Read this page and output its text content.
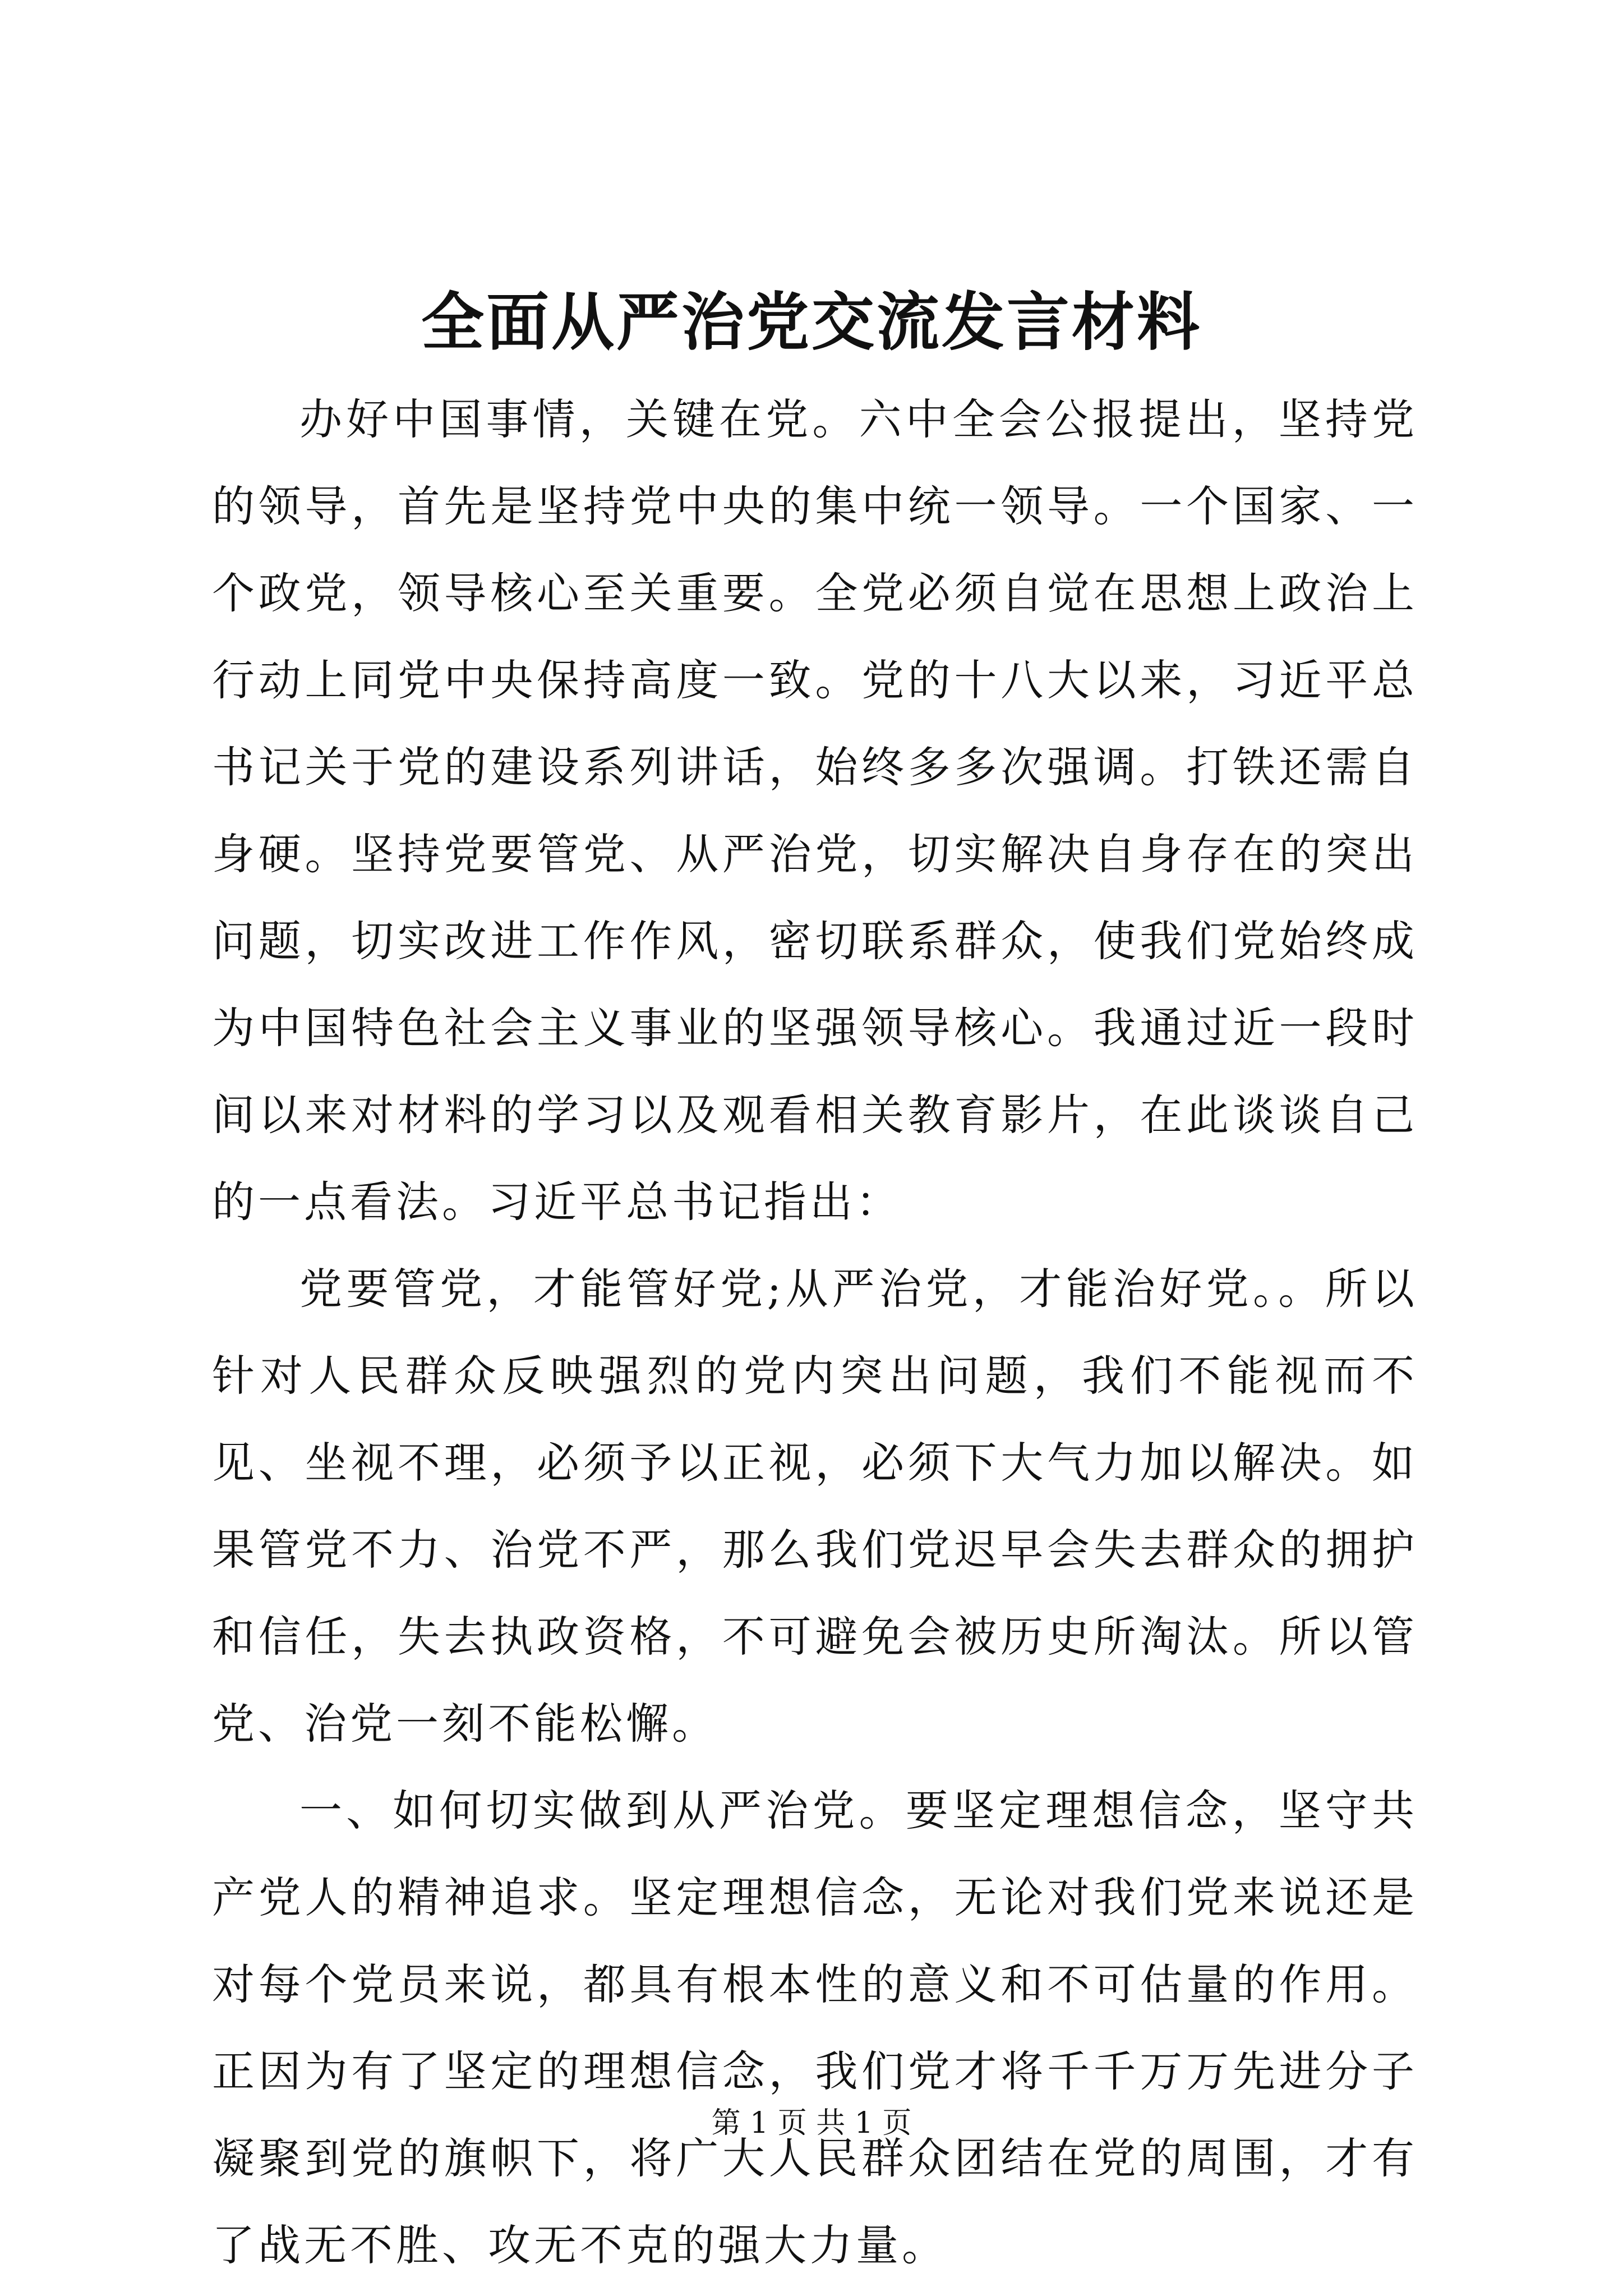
全面从严治党交流发言材料

办好中国事情，关键在党。六中全会公报提出，坚持党的领导，首先是坚持党中央的集中统一领导。一个国家、一个政党，领导核心至关重要。全党必须自觉在思想上政治上行动上同党中央保持高度一致。党的十八大以来，习近平总书记关于党的建设系列讲话，始终多多次强调。打铁还需自身硬。坚持党要管党、从严治党，切实解决自身存在的突出问题，切实改进工作作风，密切联系群众，使我们党始终成为中国特色社会主义事业的坚强领导核心。我通过近一段时间以来对材料的学习以及观看相关教育影片，在此谈谈自己的一点看法。习近平总书记指出：

党要管党，才能管好党;从严治党，才能治好党。。所以针对人民群众反映强烈的党内突出问题，我们不能视而不见、坐视不理，必须予以正视，必须下大气力加以解决。如果管党不力、治党不严，那么我们党迟早会失去群众的拥护和信任，失去执政资格，不可避免会被历史所淘汰。所以管党、治党一刻不能松懈。

一、如何切实做到从严治党。要坚定理想信念，坚守共产党人的精神追求。坚定理想信念，无论对我们党来说还是对每个党员来说，都具有根本性的意义和不可估量的作用。正因为有了坚定的理想信念，我们党才将千千万万先进分子凝聚到党的旗帜下，将广大人民群众团结在党的周围，才有了战无不胜、攻无不克的强大力量。

第 1 页 共 1 页
